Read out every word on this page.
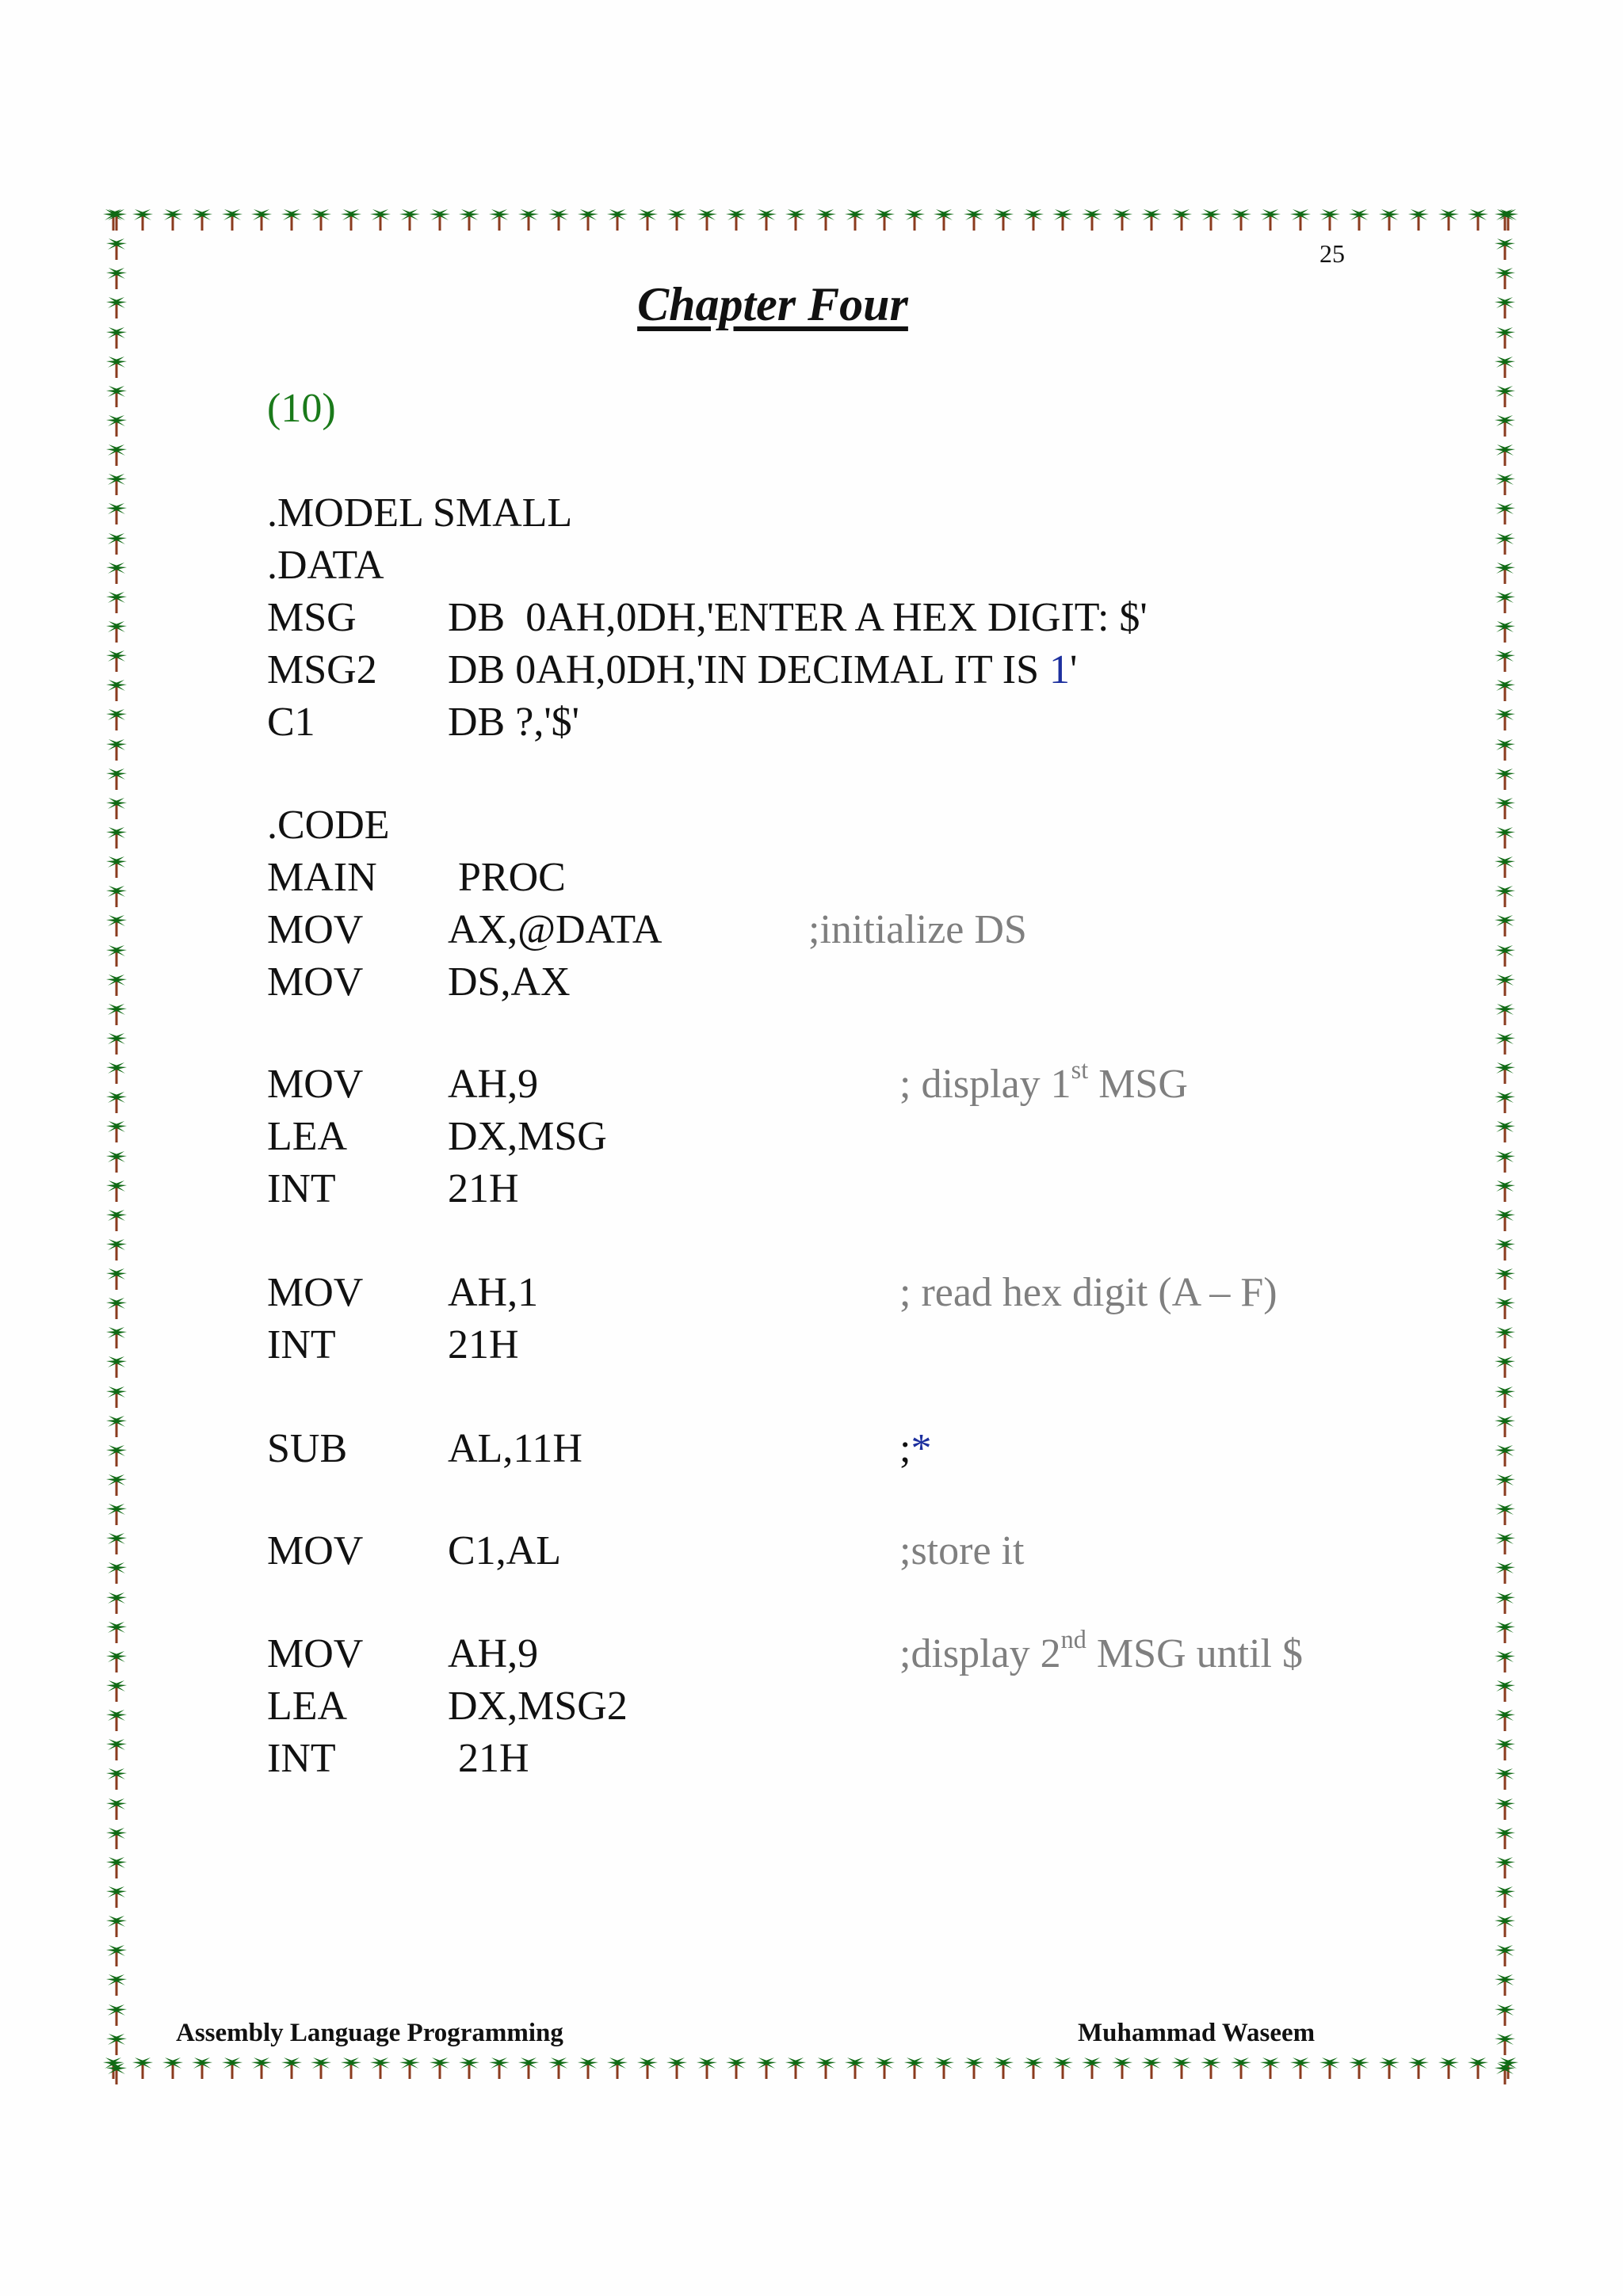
25
Chapter Four
(10)
.MODEL SMALL
.DATA
MSG DB  0AH,0DH,'ENTER A HEX DIGIT: $'
MSG2 DB 0AH,0DH,'IN DECIMAL IT IS 1'
C1	DB ?,'$'
.CODE
MAIN PROC
MOV AX,@DATA	;initialize DS
MOV DS,AX
MOV AH,9	; display 1st MSG
LEA DX,MSG
INT	21H
MOV AH,1	; read hex digit (A – F)
INT	21H
SUB AL,11H	;*
MOV C1,AL	;store it
MOV AH,9	;display 2nd MSG until $
LEA DX,MSG2
INT	21H
Assembly Language Programming	Muhammad Waseem
